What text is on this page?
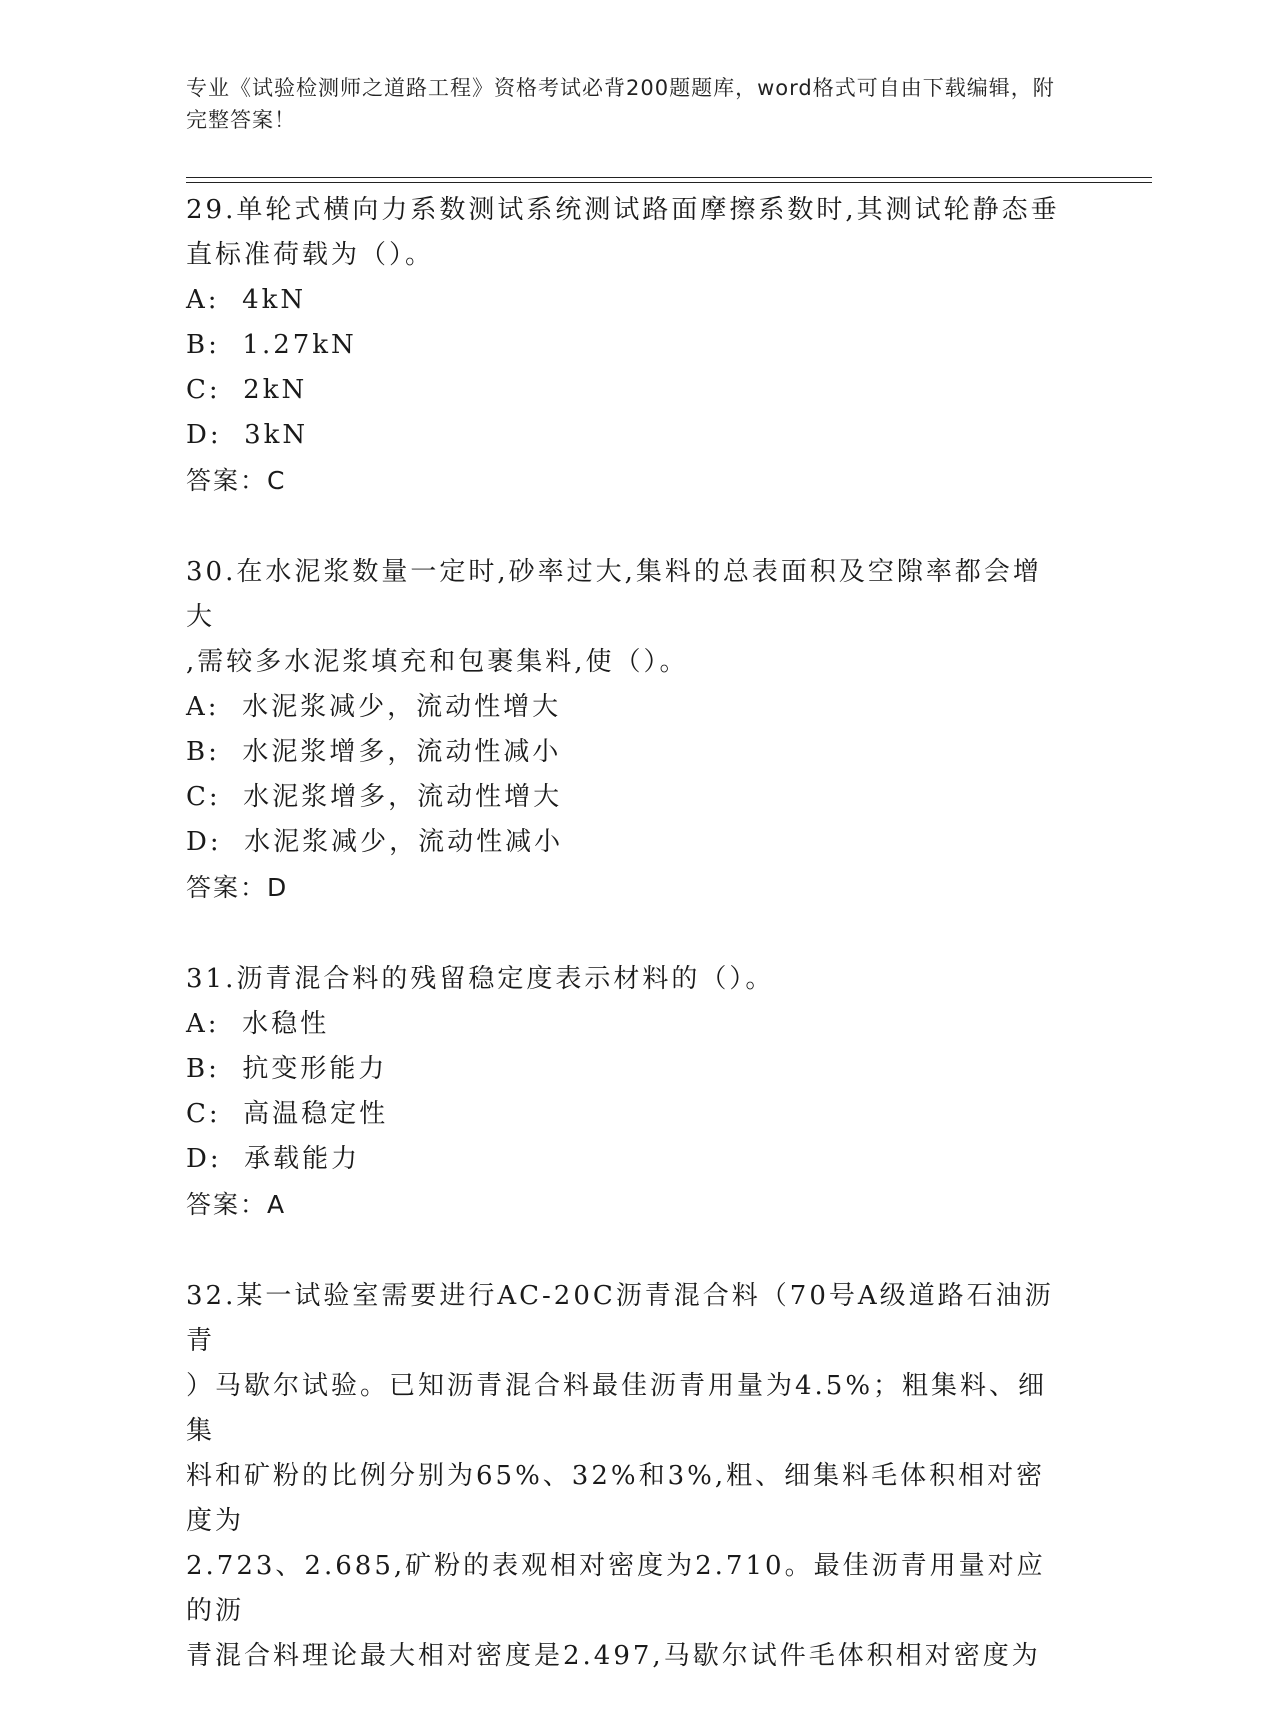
专业《试验检测师之道路工程》资格考试必背200题题库，word格式可自由下载编辑，附完整答案！

29.单轮式横向力系数测试系统测试路面摩擦系数时,其测试轮静态垂

直标准荷载为（）。

A:  4kN

B:  1.27kN

C:  2kN

D:  3kN

答案：C

30.在水泥浆数量一定时,砂率过大,集料的总表面积及空隙率都会增大

,需较多水泥浆填充和包裹集料,使（）。

A:  水泥浆减少，流动性增大

B:  水泥浆增多，流动性减小

C:  水泥浆增多，流动性增大

D:  水泥浆减少，流动性减小

答案：D

31.沥青混合料的残留稳定度表示材料的（）。

A:  水稳性

B:  抗变形能力

C:  高温稳定性

D:  承载能力

答案：A

32.某一试验室需要进行AC-20C沥青混合料（70号A级道路石油沥青

）马歇尔试验。已知沥青混合料最佳沥青用量为4.5%；粗集料、细集

料和矿粉的比例分别为65%、32%和3%,粗、细集料毛体积相对密度为

2.723、2.685,矿粉的表观相对密度为2.710。最佳沥青用量对应的沥

青混合料理论最大相对密度是2.497,马歇尔试件毛体积相对密度为
